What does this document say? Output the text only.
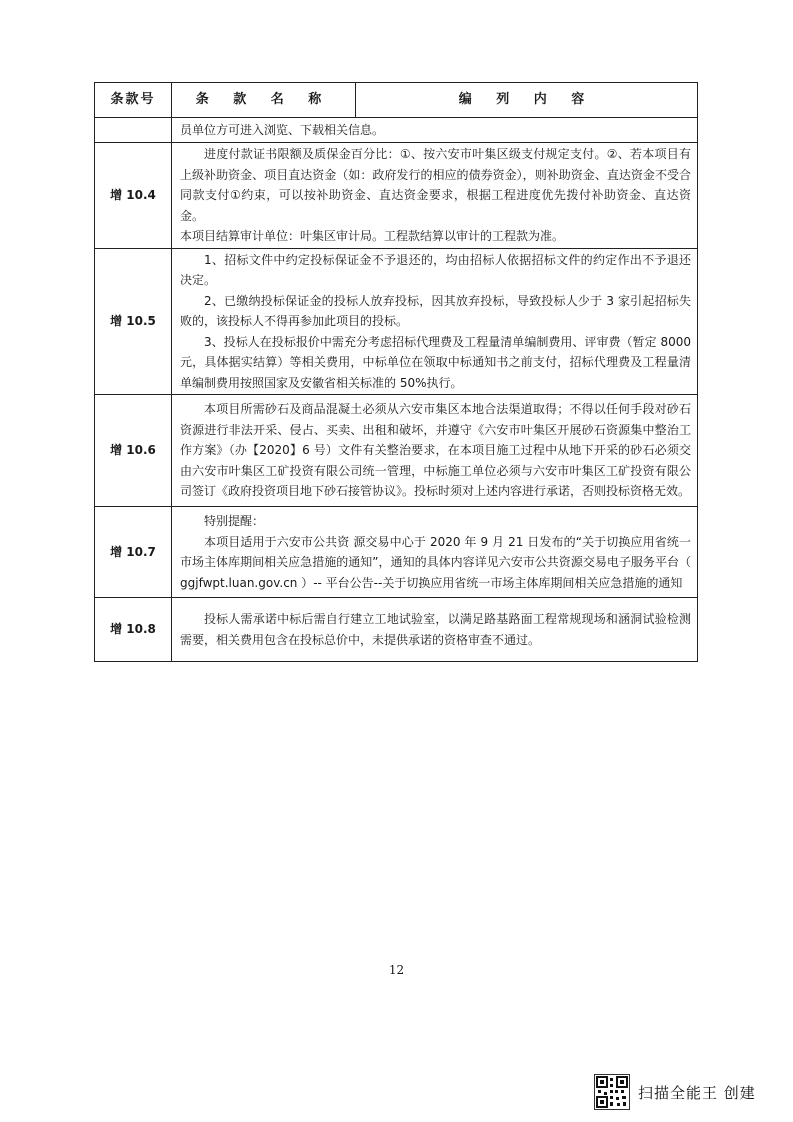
条款号	条 款 名 称	编 列 内 容

	员单位方可进入浏览、下载相关信息。	

增 10.4	进度付款证书限额及质保金百分比：①、按六安市叶集区级支付规定支付。②、若本项目有上级补助资金、项目直达资金（如：政府发行的相应的债券资金），则补助资金、直达资金不受合同款支付①约束，可以按补助资金、直达资金要求，根据工程进度优先拨付补助资金、直达资金。

本项目结算审计单位：叶集区审计局。工程款结算以审计的工程款为准。	

增 10.5	1、招标文件中约定投标保证金不予退还的，均由招标人依据招标文件的约定作出不予退还决定。

2、已缴纳投标保证金的投标人放弃投标，因其放弃投标，导致投标人少于 3 家引起招标失败的，该投标人不得再参加此项目的投标。

3、投标人在投标报价中需充分考虑招标代理费及工程量清单编制费用、评审费（暂定 8000 元，具体据实结算）等相关费用，中标单位在领取中标通知书之前支付，招标代理费及工程量清单编制费用按照国家及安徽省相关标准的 50%执行。	

增 10.6	本项目所需砂石及商品混凝土必须从六安市集区本地合法渠道取得；不得以任何手段对砂石资源进行非法开采、侵占、买卖、出租和破坏，并遵守《六安市叶集区开展砂石资源集中整治工作方案》（办【2020】6 号）文件有关整治要求，在本项目施工过程中从地下开采的砂石必须交由六安市叶集区工矿投资有限公司统一管理，中标施工单位必须与六安市叶集区工矿投资有限公司签订《政府投资项目地下砂石接管协议》。投标时须对上述内容进行承诺，否则投标资格无效。	

增 10.7	特别提醒：

本项目适用于六安市公共资 源交易中心于 2020 年 9 月 21 日发布的“关于切换应用省统一市场主体库期间相关应急措施的通知”，通知的具体内容详见六安市公共资源交易电子服务平台（ ggjfwpt.luan.gov.cn ）-- 平台公告--关于切换应用省统一市场主体库期间相关应急措施的通知	

增 10.8	投标人需承诺中标后需自行建立工地试验室，以满足路基路面工程常规现场和涵洞试验检测需要，相关费用包含在投标总价中，未提供承诺的资格审查不通过。	

12
扫描全能王 创建
